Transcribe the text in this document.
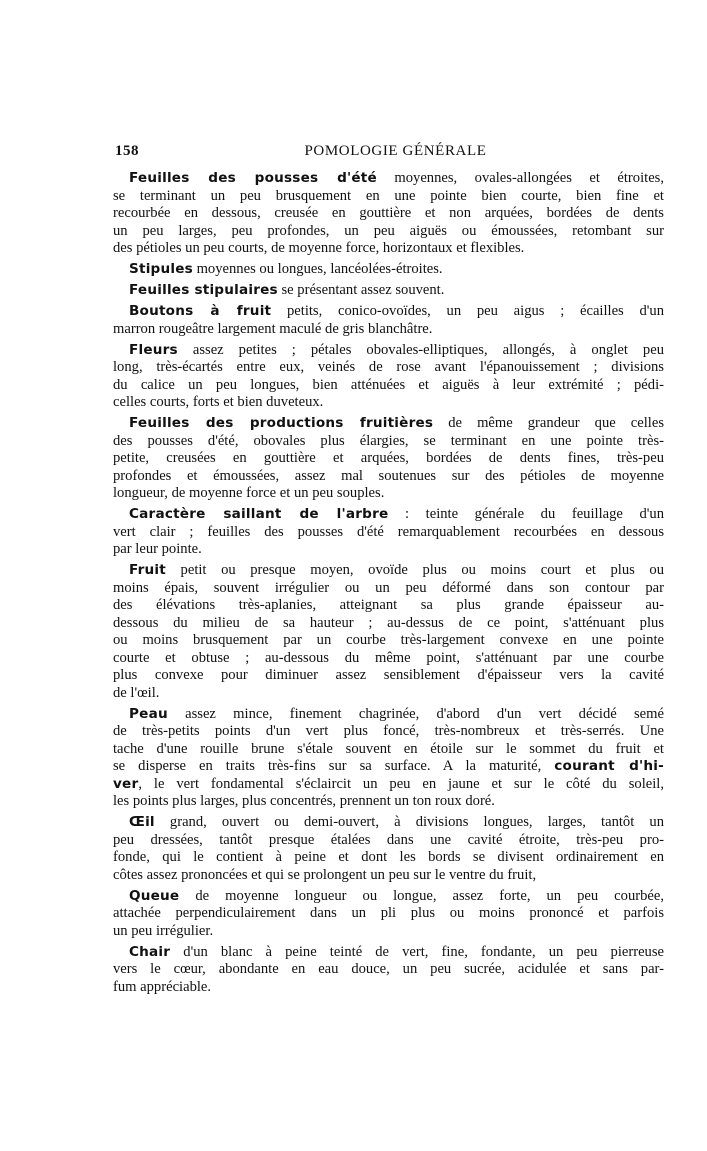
158	POMOLOGIE GÉNÉRALE
Feuilles des pousses d'été moyennes, ovales-allongées et étroites,
se terminant un peu brusquement en une pointe bien courte, bien fine et
recourbée en dessous, creusée en gouttière et non arquées, bordées de dents
un peu larges, peu profondes, un peu aiguës ou émoussées, retombant sur
des pétioles un peu courts, de moyenne force, horizontaux et flexibles.
Stipules moyennes ou longues, lancéolées-étroites.
Feuilles stipulaires se présentant assez souvent.
Boutons à fruit petits, conico-ovoïdes, un peu aigus ; écailles d'un
marron rougeâtre largement maculé de gris blanchâtre.
Fleurs assez petites ; pétales obovales-elliptiques, allongés, à onglet peu
long, très-écartés entre eux, veinés de rose avant l'épanouissement ; divisions
du calice un peu longues, bien atténuées et aiguës à leur extrémité ; pédi-
celles courts, forts et bien duveteux.
Feuilles des productions fruitières de même grandeur que celles
des pousses d'été, obovales plus élargies, se terminant en une pointe très-
petite, creusées en gouttière et arquées, bordées de dents fines, très-peu
profondes et émoussées, assez mal soutenues sur des pétioles de moyenne
longueur, de moyenne force et un peu souples.
Caractère saillant de l'arbre : teinte générale du feuillage d'un
vert clair ; feuilles des pousses d'été remarquablement recourbées en dessous
par leur pointe.
Fruit petit ou presque moyen, ovoïde plus ou moins court et plus ou
moins épais, souvent irrégulier ou un peu déformé dans son contour par
des élévations très-aplanies, atteignant sa plus grande épaisseur au-
dessous du milieu de sa hauteur ; au-dessus de ce point, s'atténuant plus
ou moins brusquement par un courbe très-largement convexe en une pointe
courte et obtuse ; au-dessous du même point, s'atténuant par une courbe
plus convexe pour diminuer assez sensiblement d'épaisseur vers la cavité
de l'œil.
Peau assez mince, finement chagrinée, d'abord d'un vert décidé semé
de très-petits points d'un vert plus foncé, très-nombreux et très-serrés. Une
tache d'une rouille brune s'étale souvent en étoile sur le sommet du fruit et
se disperse en traits très-fins sur sa surface. A la maturité, courant d'hi-
ver, le vert fondamental s'éclaircit un peu en jaune et sur le côté du soleil,
les points plus larges, plus concentrés, prennent un ton roux doré.
Œil grand, ouvert ou demi-ouvert, à divisions longues, larges, tantôt un
peu dressées, tantôt presque étalées dans une cavité étroite, très-peu pro-
fonde, qui le contient à peine et dont les bords se divisent ordinairement en
côtes assez prononcées et qui se prolongent un peu sur le ventre du fruit,
Queue de moyenne longueur ou longue, assez forte, un peu courbée,
attachée perpendiculairement dans un pli plus ou moins prononcé et parfois
un peu irrégulier.
Chair d'un blanc à peine teinté de vert, fine, fondante, un peu pierreuse
vers le cœur, abondante en eau douce, un peu sucrée, acidulée et sans par-
fum appréciable.
